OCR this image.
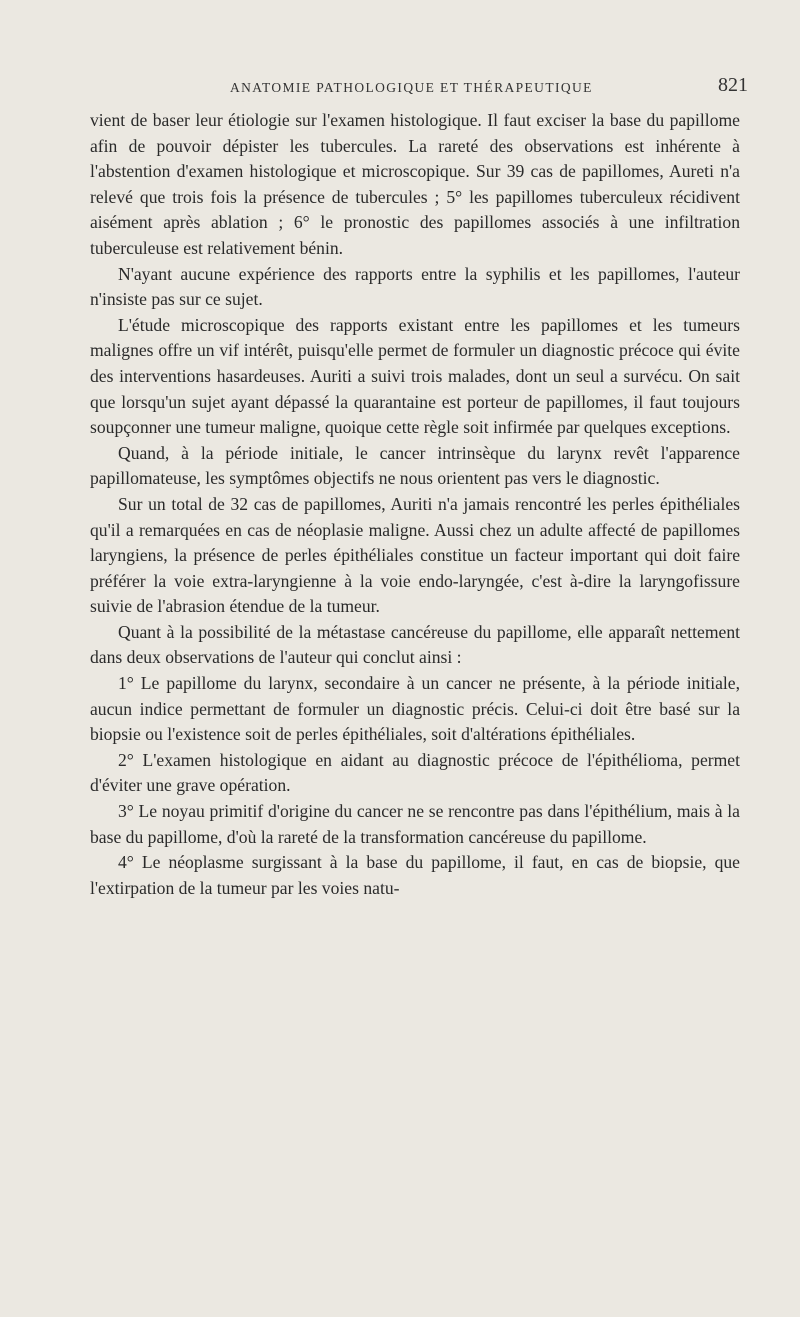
ANATOMIE PATHOLOGIQUE ET THÉRAPEUTIQUE	821

vient de baser leur étiologie sur l'examen histologique. Il faut exciser la base du papillome afin de pouvoir dépister les tubercules. La rareté des observations est inhérente à l'abstention d'examen histologique et microscopique. Sur 39 cas de papillomes, Aureti n'a relevé que trois fois la présence de tubercules ; 5° les papillomes tuberculeux récidivent aisément après ablation ; 6° le pronostic des papillomes associés à une infiltration tuberculeuse est relativement bénin.

N'ayant aucune expérience des rapports entre la syphilis et les papillomes, l'auteur n'insiste pas sur ce sujet.

L'étude microscopique des rapports existant entre les papillomes et les tumeurs malignes offre un vif intérêt, puisqu'elle permet de formuler un diagnostic précoce qui évite des interventions hasardeuses. Auriti a suivi trois malades, dont un seul a survécu. On sait que lorsqu'un sujet ayant dépassé la quarantaine est porteur de papillomes, il faut toujours soupçonner une tumeur maligne, quoique cette règle soit infirmée par quelques exceptions.

Quand, à la période initiale, le cancer intrinsèque du larynx revêt l'apparence papillomateuse, les symptômes objectifs ne nous orientent pas vers le diagnostic.

Sur un total de 32 cas de papillomes, Auriti n'a jamais rencontré les perles épithéliales qu'il a remarquées en cas de néoplasie maligne. Aussi chez un adulte affecté de papillomes laryngiens, la présence de perles épithéliales constitue un facteur important qui doit faire préférer la voie extra-laryngienne à la voie endo-laryngée, c'est à-dire la laryngofissure suivie de l'abrasion étendue de la tumeur.

Quant à la possibilité de la métastase cancéreuse du papillome, elle apparaît nettement dans deux observations de l'auteur qui conclut ainsi :

1° Le papillome du larynx, secondaire à un cancer ne présente, à la période initiale, aucun indice permettant de formuler un diagnostic précis. Celui-ci doit être basé sur la biopsie ou l'existence soit de perles épithéliales, soit d'altérations épithéliales.

2° L'examen histologique en aidant au diagnostic précoce de l'épithélioma, permet d'éviter une grave opération.

3° Le noyau primitif d'origine du cancer ne se rencontre pas dans l'épithélium, mais à la base du papillome, d'où la rareté de la transformation cancéreuse du papillome.

4° Le néoplasme surgissant à la base du papillome, il faut, en cas de biopsie, que l'extirpation de la tumeur par les voies natu-
